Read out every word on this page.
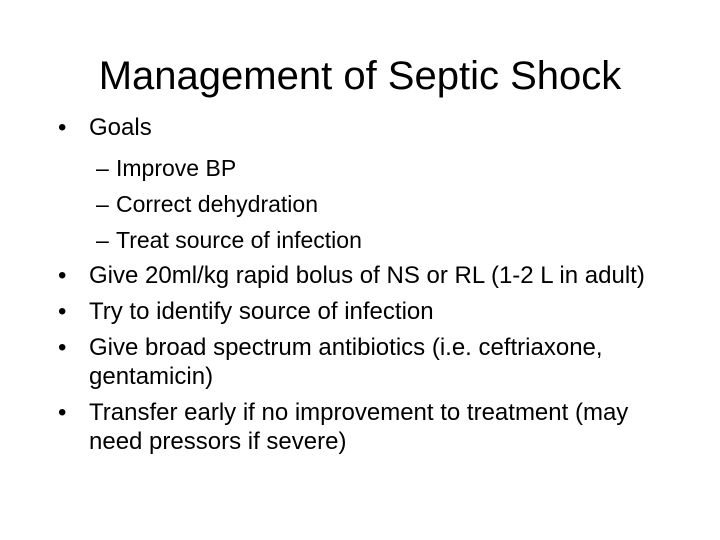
Management of Septic Shock
• Goals
– Improve BP
– Correct dehydration
– Treat source of infection
• Give 20ml/kg rapid bolus of NS or RL (1-2 L in adult)
• Try to identify source of infection
• Give broad spectrum antibiotics (i.e. ceftriaxone, gentamicin)
• Transfer early if no improvement to treatment (may need pressors if severe)
